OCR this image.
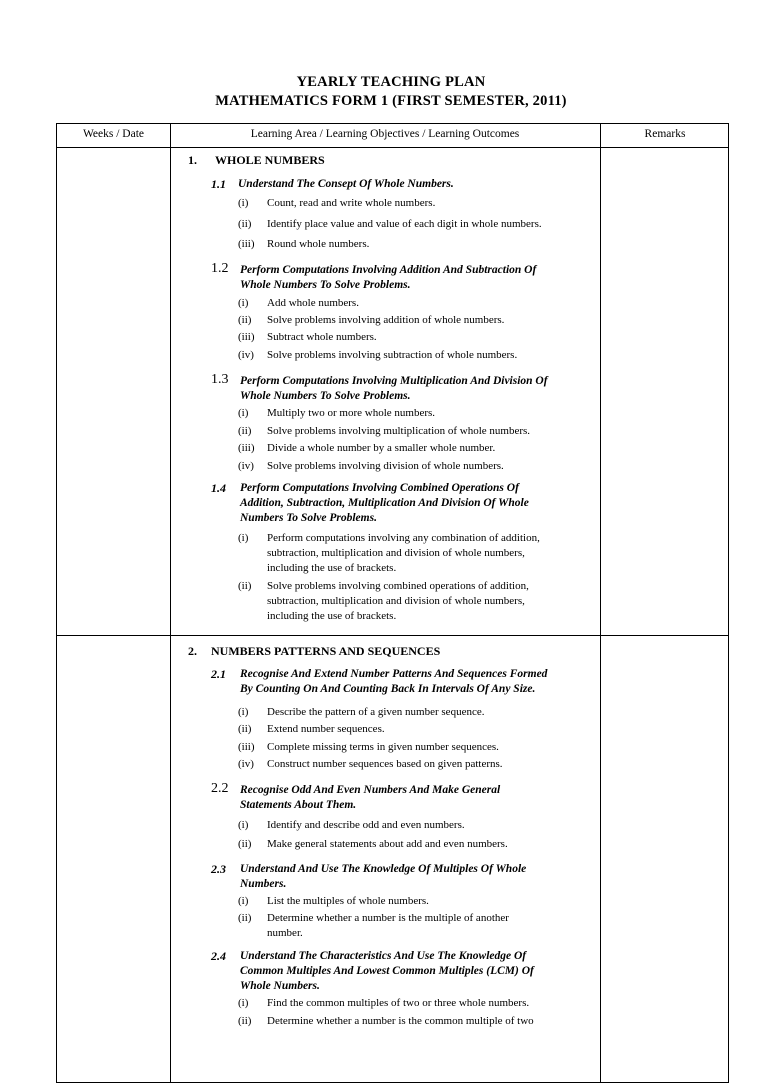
YEARLY TEACHING PLAN
MATHEMATICS FORM 1 (FIRST SEMESTER, 2011)
Weeks / Date	Learning Area / Learning Objectives / Learning Outcomes	Remarks
1. WHOLE NUMBERS
1.1 Understand The Consept Of Whole Numbers.
(i) Count, read and write whole numbers.
(ii) Identify place value and value of each digit in whole numbers.
(iii) Round whole numbers.
1.2 Perform Computations Involving Addition And Subtraction Of
Whole Numbers To Solve Problems.
(i) Add whole numbers.
(ii) Solve problems involving addition of whole numbers.
(iii) Subtract whole numbers.
(iv) Solve problems involving subtraction of whole numbers.
1.3 Perform Computations Involving Multiplication And Division Of
Whole Numbers To Solve Problems.
(i) Multiply two or more whole numbers.
(ii) Solve problems involving multiplication of whole numbers.
(iii) Divide a whole number by a smaller whole number.
(iv) Solve problems involving division of whole numbers.
1.4 Perform Computations Involving Combined Operations Of
Addition, Subtraction, Multiplication And Division Of Whole
Numbers To Solve Problems.
(i) Perform computations involving any combination of addition,
subtraction, multiplication and division of whole numbers,
including the use of brackets.
(ii) Solve problems involving combined operations of addition,
subtraction, multiplication and division of whole numbers,
including the use of brackets.
2. NUMBERS PATTERNS AND SEQUENCES
2.1 Recognise And Extend Number Patterns And Sequences Formed
By Counting On And Counting Back In Intervals Of Any Size.
(i) Describe the pattern of a given number sequence.
(ii) Extend number sequences.
(iii) Complete missing terms in given number sequences.
(iv) Construct number sequences based on given patterns.
2.2 Recognise Odd And Even Numbers And Make General
Statements About Them.
(i) Identify and describe odd and even numbers.
(ii) Make general statements about add and even numbers.
2.3 Understand And Use The Knowledge Of Multiples Of Whole
Numbers.
(i) List the multiples of whole numbers.
(ii) Determine whether a number is the multiple of another
number.
2.4 Understand The Characteristics And Use The Knowledge Of
Common Multiples And Lowest Common Multiples (LCM) Of
Whole Numbers.
(i) Find the common multiples of two or three whole numbers.
(ii) Determine whether a number is the common multiple of two
